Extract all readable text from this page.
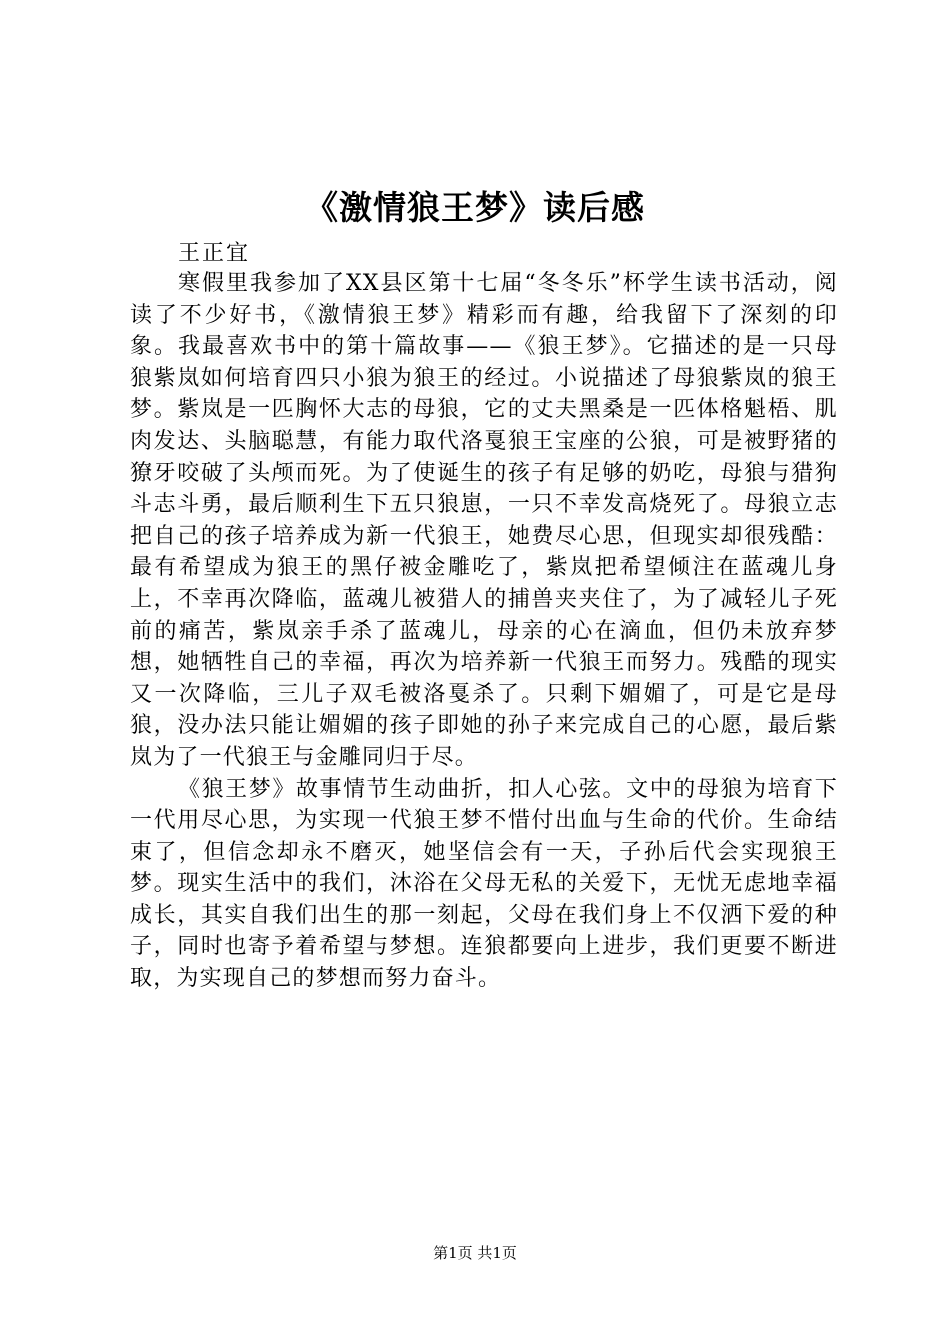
《激情狼王梦》读后感
王正宜

寒假里我参加了XX县区第十七届“冬冬乐”杯学生读书活动，阅读了不少好书，《激情狼王梦》精彩而有趣，给我留下了深刻的印象。我最喜欢书中的第十篇故事——《狼王梦》。它描述的是一只母狼紫岚如何培育四只小狼为狼王的经过。小说描述了母狼紫岚的狼王梦。紫岚是一匹胸怀大志的母狼，它的丈夫黑桑是一匹体格魁梧、肌肉发达、头脑聪慧，有能力取代洛戛狼王宝座的公狼，可是被野猪的獠牙咬破了头颅而死。为了使诞生的孩子有足够的奶吃，母狼与猎狗斗志斗勇，最后顺利生下五只狼崽，一只不幸发高烧死了。母狼立志把自己的孩子培养成为新一代狼王，她费尽心思，但现实却很残酷：最有希望成为狼王的黑仔被金雕吃了，紫岚把希望倾注在蓝魂儿身上，不幸再次降临，蓝魂儿被猎人的捕兽夹夹住了，为了减轻儿子死前的痛苦，紫岚亲手杀了蓝魂儿，母亲的心在滴血，但仍未放弃梦想，她牺牲自己的幸福，再次为培养新一代狼王而努力。残酷的现实又一次降临，三儿子双毛被洛戛杀了。只剩下媚媚了，可是它是母狼，没办法只能让媚媚的孩子即她的孙子来完成自己的心愿，最后紫岚为了一代狼王与金雕同归于尽。

《狼王梦》故事情节生动曲折，扣人心弦。文中的母狼为培育下一代用尽心思，为实现一代狼王梦不惜付出血与生命的代价。生命结束了，但信念却永不磨灭，她坚信会有一天，子孙后代会实现狼王梦。现实生活中的我们，沐浴在父母无私的关爱下，无忧无虑地幸福成长，其实自我们出生的那一刻起，父母在我们身上不仅洒下爱的种子，同时也寄予着希望与梦想。连狼都要向上进步，我们更要不断进取，为实现自己的梦想而努力奋斗。

第1页 共1页
